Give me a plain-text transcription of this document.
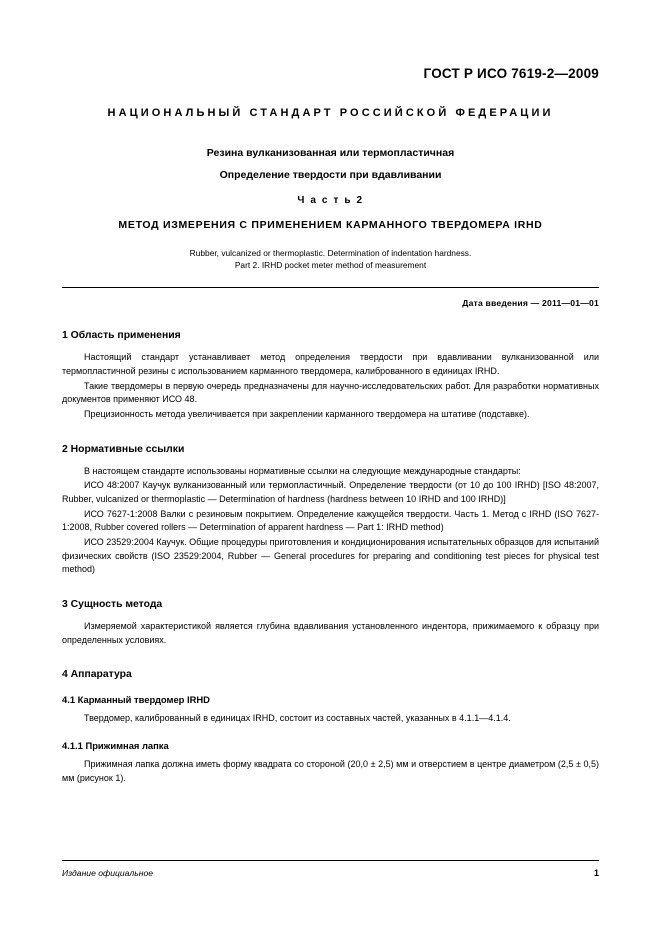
ГОСТ Р ИСО 7619-2—2009
НАЦИОНАЛЬНЫЙ СТАНДАРТ РОССИЙСКОЙ ФЕДЕРАЦИИ
Резина вулканизованная или термопластичная
Определение твердости при вдавливании
Ч а с т ь 2
МЕТОД ИЗМЕРЕНИЯ С ПРИМЕНЕНИЕМ КАРМАННОГО ТВЕРДОМЕРА IRHD
Rubber, vulcanized or thermoplastic. Determination of indentation hardness.
Part 2. IRHD pocket meter method of measurement
Дата введения — 2011—01—01
1 Область применения

Настоящий стандарт устанавливает метод определения твердости при вдавливании вулканизованной или термопластичной резины с использованием карманного твердомера, калиброванного в единицах IRHD.

Такие твердомеры в первую очередь предназначены для научно-исследовательских работ. Для разработки нормативных документов применяют ИСО 48.

Прецизионность метода увеличивается при закреплении карманного твердомера на штативе (подставке).

2 Нормативные ссылки

В настоящем стандарте использованы нормативные ссылки на следующие международные стандарты:

ИСО 48:2007 Каучук вулканизованный или термопластичный. Определение твердости (от 10 до 100 IRHD) [ISO 48:2007, Rubber, vulcanized or thermoplastic — Determination of hardness (hardness between 10 IRHD and 100 IRHD)]

ИСО 7627-1:2008 Валки с резиновым покрытием. Определение кажущейся твердости. Часть 1. Метод с IRHD (ISO 7627-1:2008, Rubber covered rollers — Determination of apparent hardness — Part 1: IRHD method)

ИСО 23529:2004 Каучук. Общие процедуры приготовления и кондиционирования испытательных образцов для испытаний физических свойств (ISO 23529:2004, Rubber — General procedures for preparing and conditioning test pieces for physical test method)

3 Сущность метода

Измеряемой характеристикой является глубина вдавливания установленного индентора, прижимаемого к образцу при определенных условиях.

4 Аппаратура
4.1 Карманный твердомер IRHD

Твердомер, калиброванный в единицах IRHD, состоит из составных частей, указанных в 4.1.1—4.1.4.

4.1.1 Прижимная лапка

Прижимная лапка должна иметь форму квадрата со стороной (20,0 ± 2,5) мм и отверстием в центре диаметром (2,5 ± 0,5) мм (рисунок 1).

Издание официальное	1
